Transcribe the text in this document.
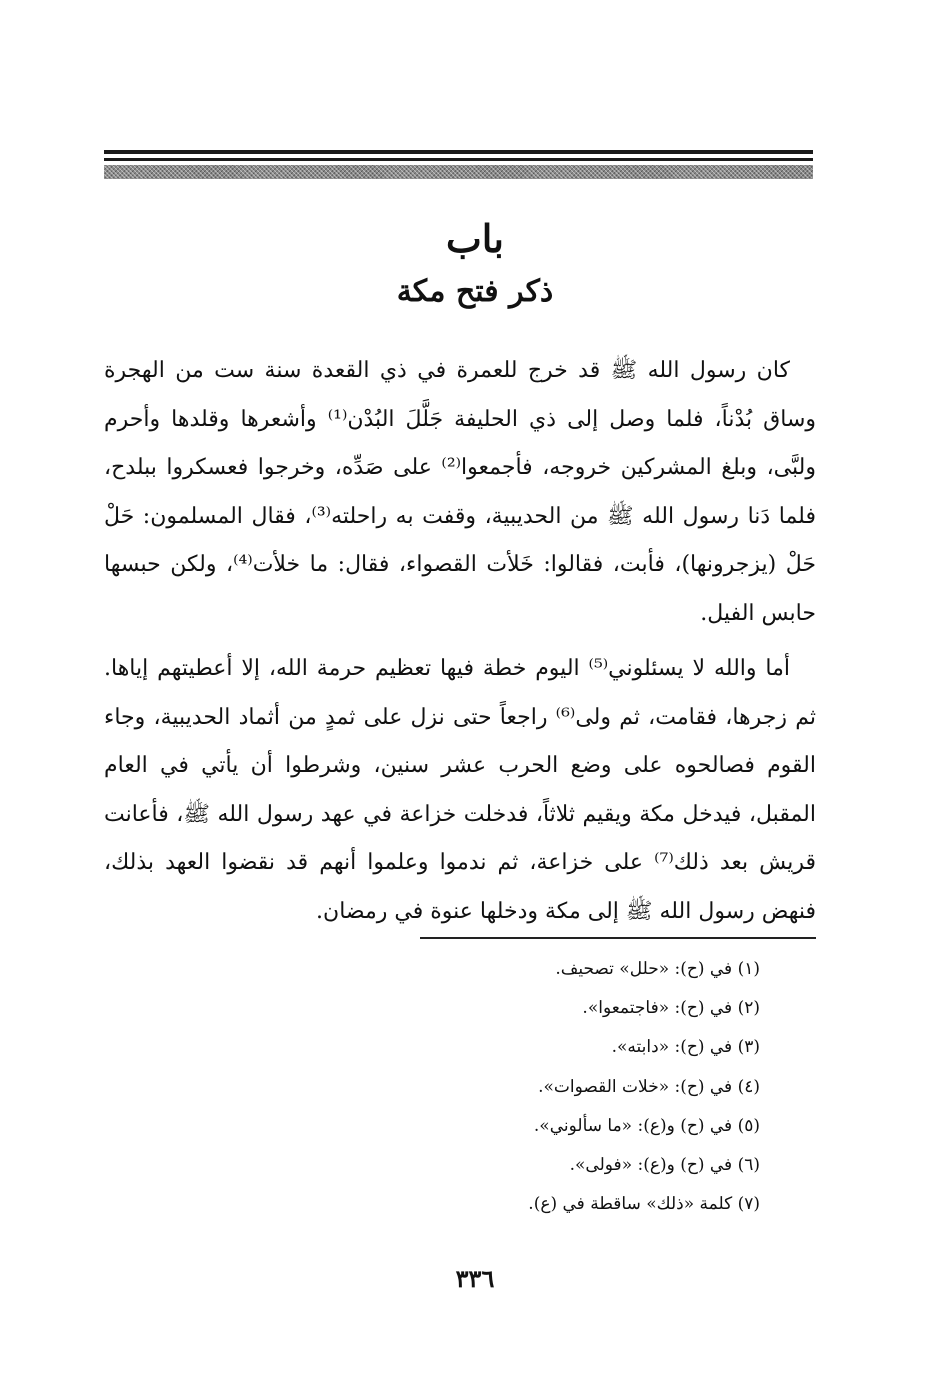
باب
ذكر فتح مكة

كان رسول الله ﷺ قد خرج للعمرة في ذي القعدة سنة ست من الهجرة وساق بُدْناً، فلما وصل إلى ذي الحليفة جَلَّلَ البُدْن⁽¹⁾ وأشعرها وقلدها وأحرم ولبَّى، وبلغ المشركين خروجه، فأجمعوا⁽²⁾ على صَدِّه، وخرجوا فعسكروا ببلدح، فلما دَنا رسول الله ﷺ من الحديبية، وقفت به راحلته⁽³⁾، فقال المسلمون: حَلْ حَلْ (يزجرونها)، فأبت، فقالوا: خَلأت القصواء، فقال: ما خلأت⁽⁴⁾، ولكن حبسها حابس الفيل.

أما والله لا يسئلوني⁽⁵⁾ اليوم خطة فيها تعظيم حرمة الله، إلا أعطيتهم إياها. ثم زجرها، فقامت، ثم ولى⁽⁶⁾ راجعاً حتى نزل على ثمدٍ من أثماد الحديبية، وجاء القوم فصالحوه على وضع الحرب عشر سنين، وشرطوا أن يأتي في العام المقبل، فيدخل مكة ويقيم ثلاثاً، فدخلت خزاعة في عهد رسول الله ﷺ، فأعانت قريش بعد ذلك⁽⁷⁾ على خزاعة، ثم ندموا وعلموا أنهم قد نقضوا العهد بذلك، فنهض رسول الله ﷺ إلى مكة ودخلها عنوة في رمضان.

(١) في (ح): «حلل» تصحيف.
(٢) في (ح): «فاجتمعوا».
(٣) في (ح): «دابته».
(٤) في (ح): «خلات القصوات».
(٥) في (ح) و(ع): «ما سألوني».
(٦) في (ح) و(ع): «فولى».
(٧) كلمة «ذلك» ساقطة في (ع).
٣٣٦
